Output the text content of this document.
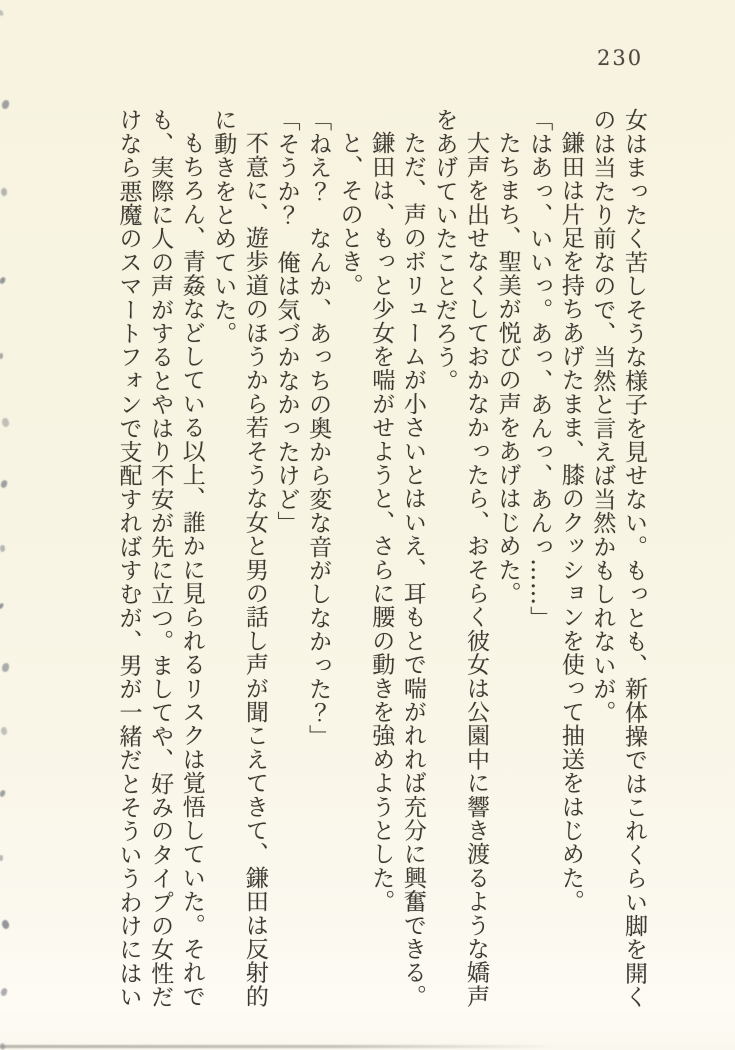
230

女はまったく苦しそうな様子を見せない。もっとも、新体操ではこれくらい脚を開くのは当たり前なので、当然と言えば当然かもしれないが。

鎌田は片足を持ちあげたまま、膝のクッションを使って抽送をはじめた。

「はあっ、いいっ。あっ、あんっ、あんっ……」

たちまち、聖美が悦びの声をあげはじめた。

大声を出せなくしておかなかったら、おそらく彼女は公園中に響き渡るような嬌声をあげていたことだろう。

ただ、声のボリュームが小さいとはいえ、耳もとで喘がれれば充分に興奮できる。

鎌田は、もっと少女を喘がせようと、さらに腰の動きを強めようとした。

と、そのとき。

「ねえ？　なんか、あっちの奥から変な音がしなかった？」

「そうか？　俺は気づかなかったけど」

不意に、遊歩道のほうから若そうな女と男の話し声が聞こえてきて、鎌田は反射的に動きをとめていた。

もちろん、青姦などしている以上、誰かに見られるリスクは覚悟していた。それでも、実際に人の声がするとやはり不安が先に立つ。ましてや、好みのタイプの女性だけなら悪魔のスマートフォンで支配すればすむが、男が一緒だとそういうわけにはい
